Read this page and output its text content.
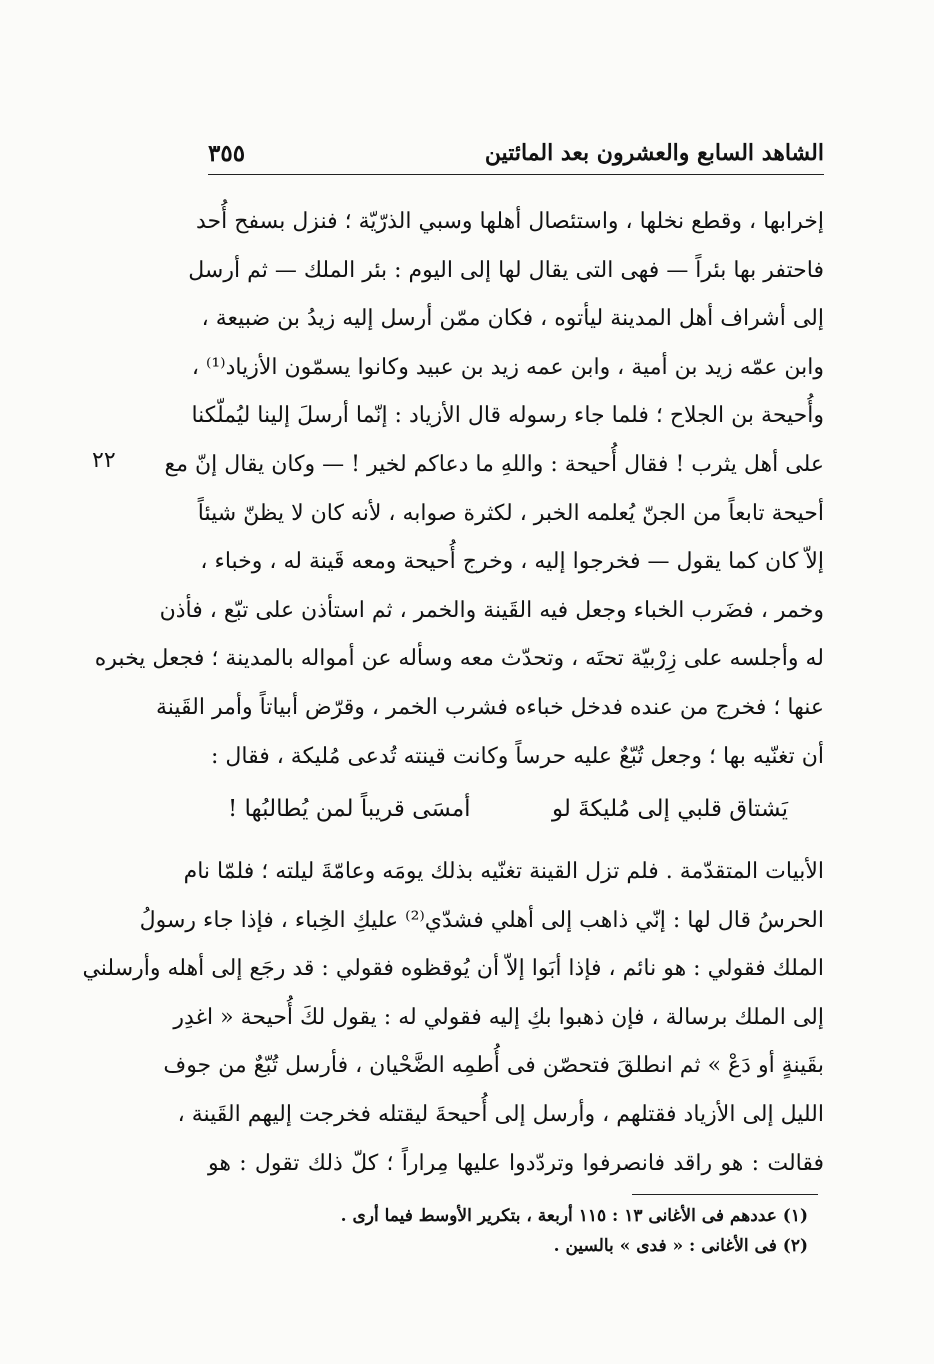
الشاهد السابع والعشرون بعد المائتين
٣٥٥
٢٢
إخرابها ، وقطع نخلها ، واستئصال أهلها وسبي الذرّيّة ؛ فنزل بسفح أُحد
فاحتفر بها بئراً — فهى التى يقال لها إلى اليوم : بئر الملك — ثم أرسل
إلى أشراف أهل المدينة ليأتوه ، فكان ممّن أرسل إليه زيدُ بن ضبيعة ،
وابن عمّه زيد بن أمية ، وابن عمه زيد بن عبيد وكانوا يسمّون الأزياد⁽¹⁾ ،
وأُحيحة بن الجلاح ؛ فلما جاء رسوله قال الأزياد : إنّما أرسلَ إلينا ليُملّكنا
على أهل يثرب ! فقال أُحيحة : واللهِ ما دعاكم لخير ! — وكان يقال إنّ مع
أحيحة تابعاً من الجنّ يُعلمه الخبر ، لكثرة صوابه ، لأنه كان لا يظنّ شيئاً
إلاّ كان كما يقول — فخرجوا إليه ، وخرج أُحيحة ومعه قَينة له ، وخباء ،
وخمر ، فضَرب الخباء وجعل فيه القَينة والخمر ، ثم استأذن على تبّع ، فأذن
له وأجلسه على زِرْبيّة تحتَه ، وتحدّث معه وسأله عن أمواله بالمدينة ؛ فجعل يخبره
عنها ؛ فخرج من عنده فدخل خباءه فشرب الخمر ، وقرّض أبياتاً وأمر القَينة
أن تغنّيه بها ؛ وجعل تُبّعٌ عليه حرساً وكانت قينته تُدعى مُليكة ، فقال :
يَشتاق قلبي إلى مُليكةَ لو
أمسَى قريباً لمن يُطالبُها !
الأبيات المتقدّمة . فلم تزل القينة تغنّيه بذلك يومَه وعامّةَ ليلته ؛ فلمّا نام
الحرسُ قال لها : إنّي ذاهب إلى أهلي فشدّي⁽²⁾ عليكِ الخِباء ، فإذا جاء رسولُ
الملك فقولي : هو نائم ، فإذا أبَوا إلاّ أن يُوقظوه فقولي : قد رجَع إلى أهله وأرسلني
إلى الملك برسالة ، فإن ذهبوا بكِ إليه فقولي له : يقول لكَ أُحيحة « اغدِر
بقَينةٍ أو دَعْ » ثم انطلقَ فتحصّن فى أُطمِه الضَّحْيان ، فأرسل تُبّعٌ من جوف
الليل إلى الأزياد فقتلهم ، وأرسل إلى أُحيحةَ ليقتله فخرجت إليهم القَينة ،
فقالت : هو راقد فانصرفوا وتردّدوا عليها مِراراً ؛ كلّ ذلك تقول : هو
(١) عددهم فى الأغانى ١٣ : ١١٥ أربعة ، بتكرير الأوسط فيما أرى .
(٢) فى الأغانى : « فدى » بالسين .
